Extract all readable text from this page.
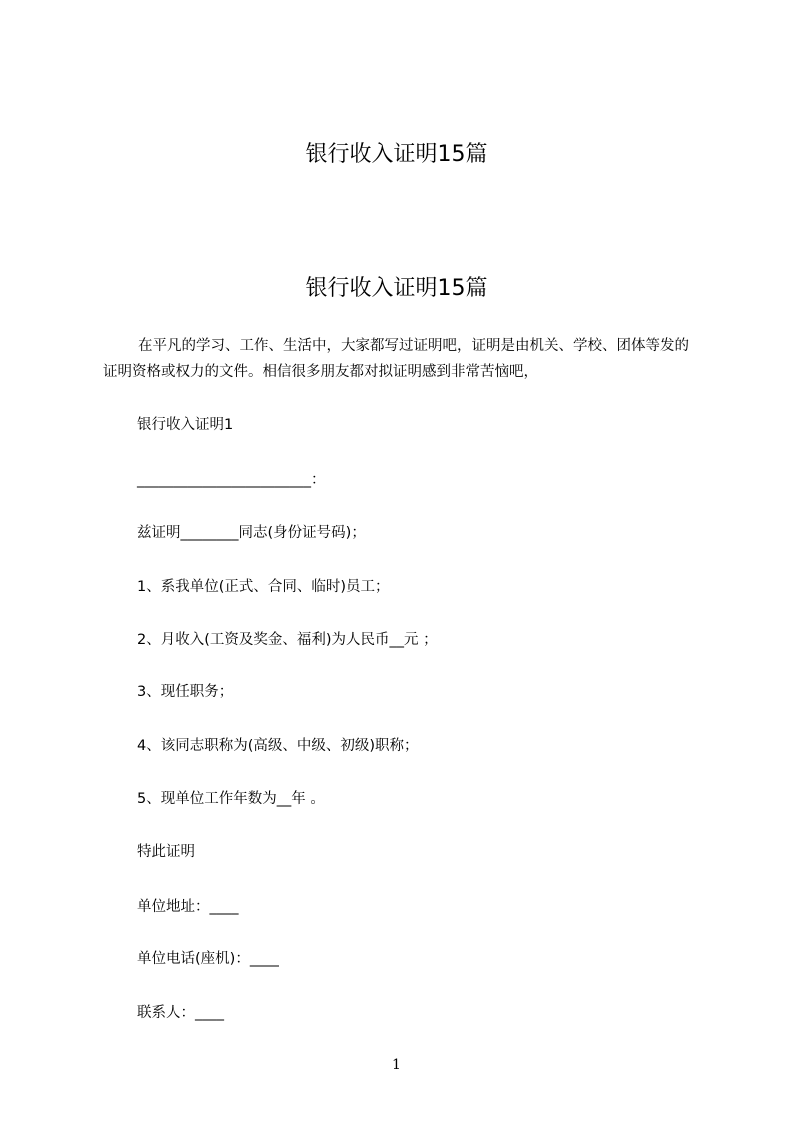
银行收入证明15篇
银行收入证明15篇
在平凡的学习、工作、生活中，大家都写过证明吧，证明是由机关、学校、团体等发的证明资格或权力的文件。相信很多朋友都对拟证明感到非常苦恼吧，
银行收入证明1
________________________：
兹证明________同志(身份证号码)；
1、系我单位(正式、合同、临时)员工；
2、月收入(工资及奖金、福利)为人民币__元 ；
3、现任职务；
4、该同志职称为(高级、中级、初级)职称；
5、现单位工作年数为__年 。
特此证明
单位地址：____
单位电话(座机)：____
联系人：____
1
